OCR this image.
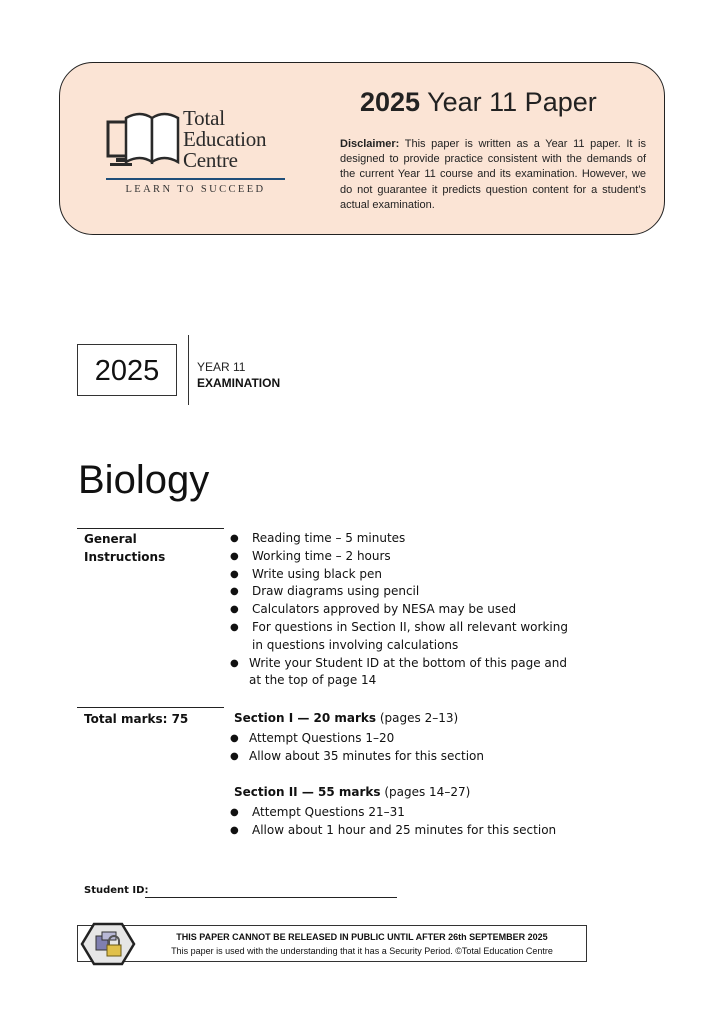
Total
Education
Centre
LEARN TO SUCCEED
2025 Year 11 Paper
Disclaimer: This paper is written as a Year 11 paper. It is designed to provide practice consistent with the demands of the current Year 11 course and its examination. However, we do not guarantee it predicts question content for a student’s actual examination.
2025	YEAR 11
EXAMINATION
Biology
General
Instructions
● Reading time – 5 minutes
● Working time – 2 hours
● Write using black pen
● Draw diagrams using pencil
● Calculators approved by NESA may be used
● For questions in Section II, show all relevant working in questions involving calculations
● Write your Student ID at the bottom of this page and at the top of page 14
Total marks: 75	Section I — 20 marks (pages 2–13)
● Attempt Questions 1–20
● Allow about 35 minutes for this section
Section II — 55 marks (pages 14–27)
● Attempt Questions 21–31
● Allow about 1 hour and 25 minutes for this section
Student ID:
THIS PAPER CANNOT BE RELEASED IN PUBLIC UNTIL AFTER 26th SEPTEMBER 2025
This paper is used with the understanding that it has a Security Period. ©Total Education Centre
